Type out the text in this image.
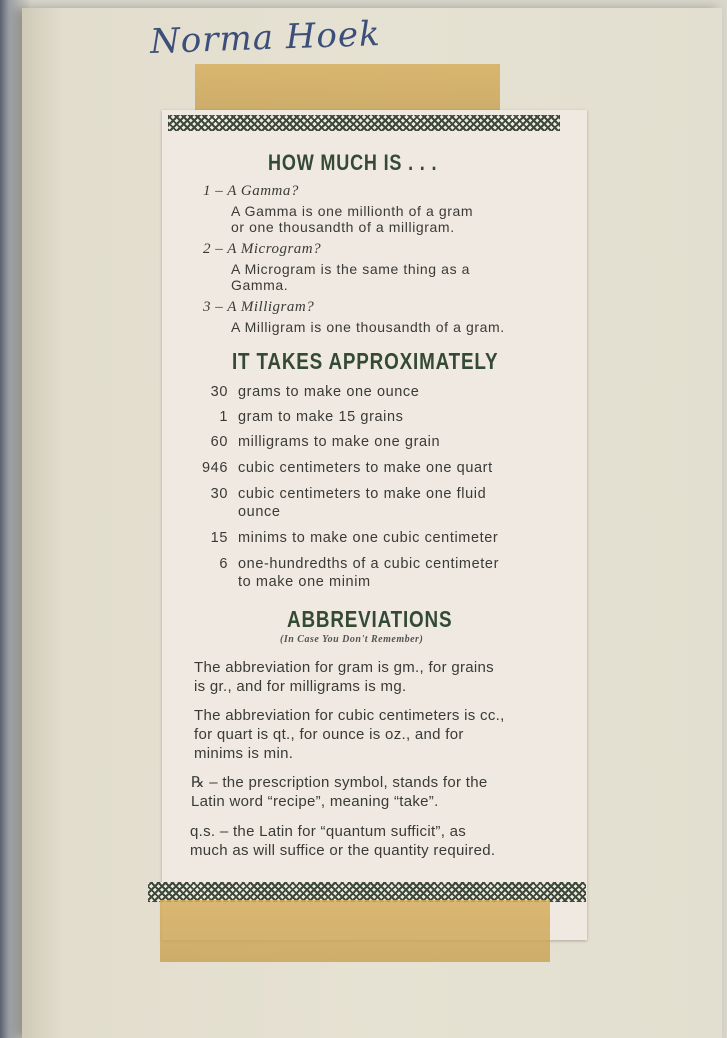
Norma Hoek
HOW MUCH IS . . .
1 – A Gamma?
A Gamma is one millionth of a gram
or one thousandth of a milligram.
2 – A Microgram?
A Microgram is the same thing as a
Gamma.
3 – A Milligram?
A Milligram is one thousandth of a gram.
IT TAKES APPROXIMATELY
30 grams to make one ounce
1 gram to make 15 grains
60 milligrams to make one grain
946 cubic centimeters to make one quart
30 cubic centimeters to make one fluid
ounce
15 minims to make one cubic centimeter
6 one-hundredths of a cubic centimeter
to make one minim
ABBREVIATIONS
(In Case You Don't Remember)
The abbreviation for gram is gm., for grains
is gr., and for milligrams is mg.
The abbreviation for cubic centimeters is cc.,
for quart is qt., for ounce is oz., and for
minims is min.
℞ – the prescription symbol, stands for the
Latin word “recipe”, meaning “take”.
q.s. – the Latin for “quantum sufficit”, as
much as will suffice or the quantity required.
